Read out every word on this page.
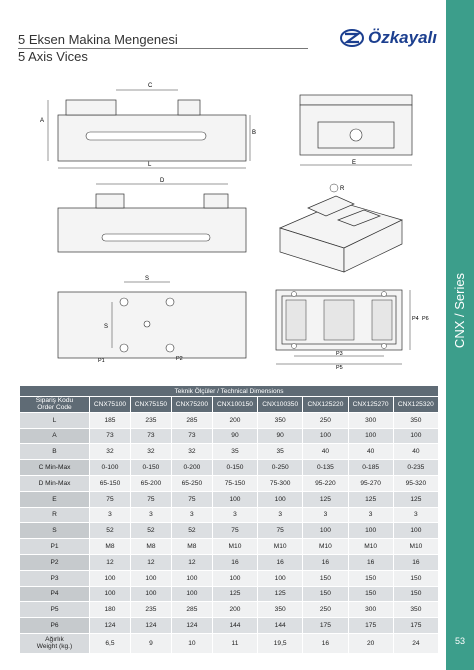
5 Eksen Makina Mengenesi
5 Axis Vices
Özkayalı
CNX / Series
53
C
A
B
L	E
D
R
S
S
P1	P2
P3
P5
P4 P6
Teknik Ölçüler / Technical Dimensions								

Sipariş Kodu
Order Code	CNX75100	CNX75150	CNX75200	CNX100150	CNX100350	CNX125220	CNX125270	CNX125320
L	185	235	285	200	350	250	300	350
A	73	73	73	90	90	100	100	100
B	32	32	32	35	35	40	40	40
C Min-Max	0-100	0-150	0-200	0-150	0-250	0-135	0-185	0-235
D Min-Max	65-150	65-200	65-250	75-150	75-300	95-220	95-270	95-320
E	75	75	75	100	100	125	125	125
R	3	3	3	3	3	3	3	3
S	52	52	52	75	75	100	100	100
P1	M8	M8	M8	M10	M10	M10	M10	M10
P2	12	12	12	16	16	16	16	16
P3	100	100	100	100	100	150	150	150
P4	100	100	100	125	125	150	150	150
P5	180	235	285	200	350	250	300	350
P6	124	124	124	144	144	175	175	175

Ağırlık
Weight (kg.)	6,5	9	10	11	19,5	16	20	24
